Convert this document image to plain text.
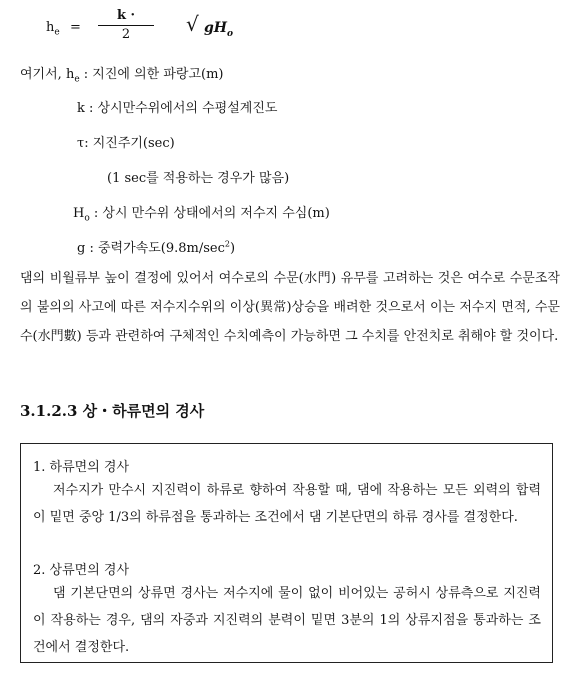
$h_e$ =
k ·
2	√ $gH_o$
여기서, $h_e$ : 지진에 의한 파랑고(m)
k : 상시만수위에서의 수평설계진도
τ: 지진주기(sec)
(1 sec를 적용하는 경우가 많음)
$H_o$ : 상시 만수위 상태에서의 저수지 수심(m)
g : 중력가속도$(9.8m/\sec^2)$
댐의 비월류부 높이 결정에 있어서 여수로의 수문(水門) 유무를 고려하는 것은 여수로 수문조작의 불의의 사고에 따른 저수지수위의 이상(異常)상승을 배려한 것으로서 이는 저수지 면적, 수문수(水門數) 등과 관련하여 구체적인 수치예측이 가능하면 그 수치를 안전치로 취해야 할 것이다.
3.1.2.3 상・하류면의 경사
1. 하류면의 경사
저수지가 만수시 지진력이 하류로 향하여 작용할 때, 댐에 작용하는 모든 외력의 합력이 밑면 중앙 1/3의 하류점을 통과하는 조건에서 댐 기본단면의 하류 경사를 결정한다.
2. 상류면의 경사
댐 기본단면의 상류면 경사는 저수지에 물이 없이 비어있는 공허시 상류측으로 지진력이 작용하는 경우, 댐의 자중과 지진력의 분력이 밑면 3분의 1의 상류지점을 통과하는 조건에서 결정한다.
